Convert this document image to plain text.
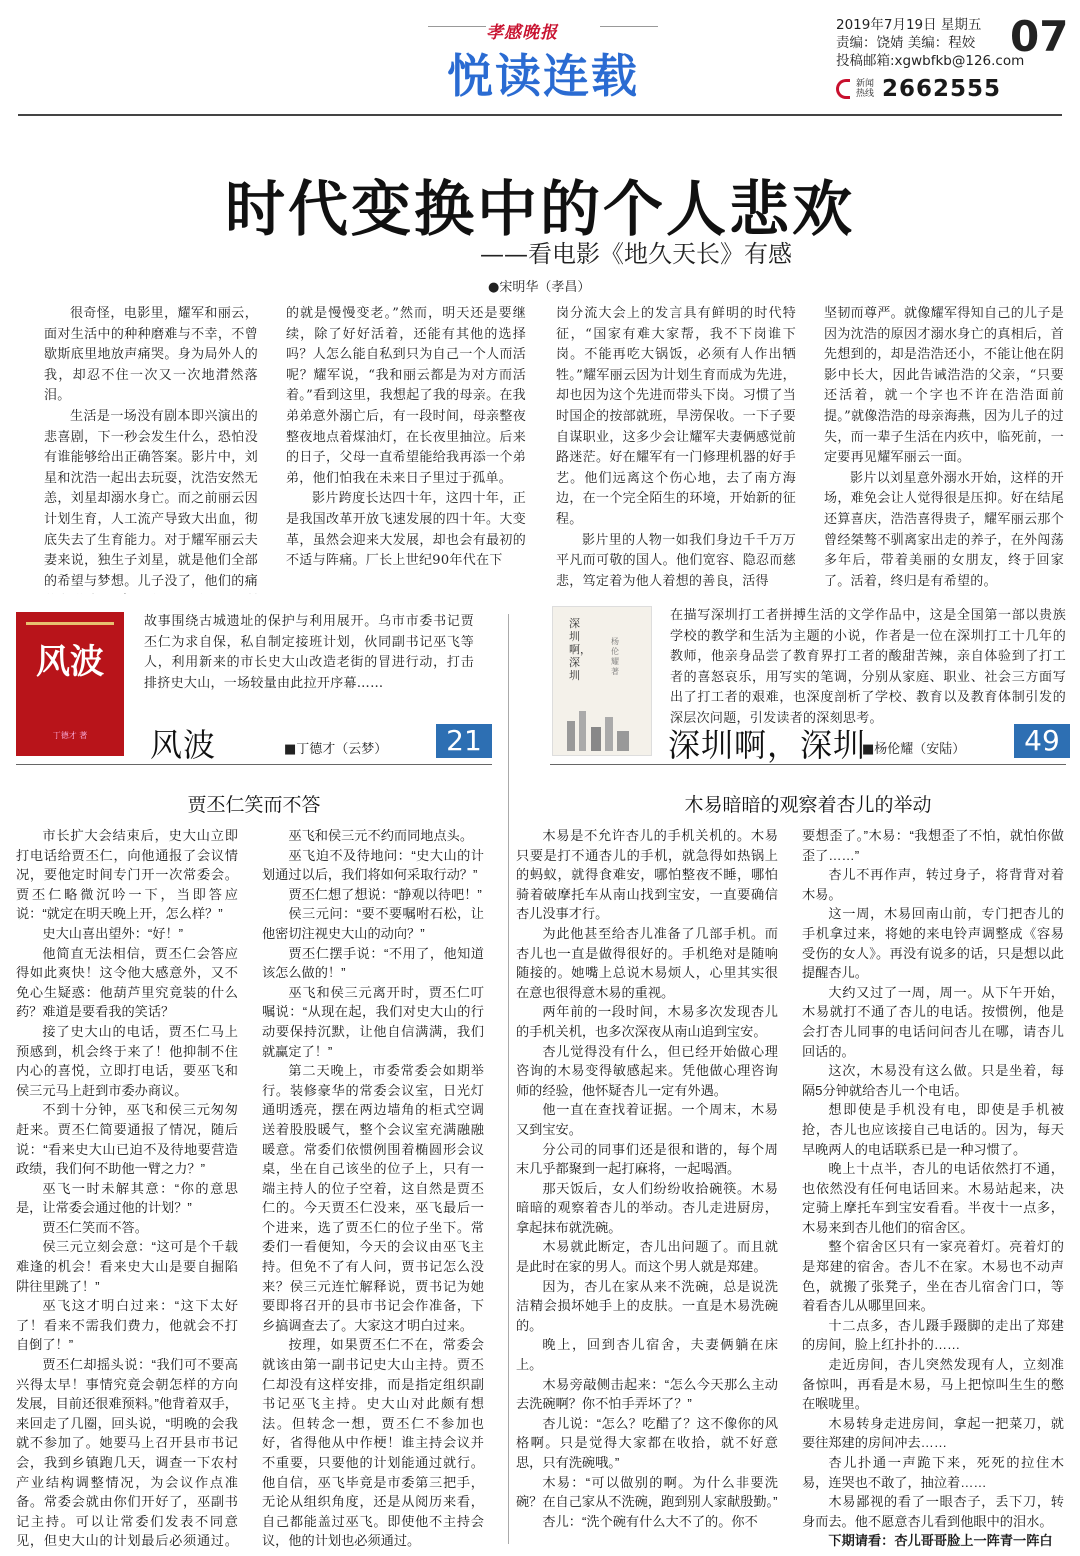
孝感晚报
悦读连载
2019年7月19日 星期五
责编：饶婧 美编：程姣
投稿邮箱:xgwbfkb@126.com
新闻热线 2662555
07
时代变换中的个人悲欢
——看电影《地久天长》有感
●宋明华（孝昌）

很奇怪，电影里，耀军和丽云，面对生活中的种种磨难与不幸，不曾歇斯底里地放声痛哭。身为局外人的我，却忍不住一次又一次地潸然落泪。

生活是一场没有剧本即兴演出的悲喜剧，下一秒会发生什么，恐怕没有谁能够给出正确答案。影片中，刘星和沈浩一起出去玩耍，沈浩安然无恙，刘星却溺水身亡。而之前丽云因计划生育，人工流产导致大出血，彻底失去了生育能力。对于耀军丽云夫妻来说，独生子刘星，就是他们全部的希望与梦想。儿子没了，他们的痛

的就是慢慢变老。”然而，明天还是要继续，除了好好活着，还能有其他的选择吗？人怎么能自私到只为自己一个人而活呢？耀军说，“我和丽云都是为对方而活着。”看到这里，我想起了我的母亲。在我弟弟意外溺亡后，有一段时间，母亲整夜整夜地点着煤油灯，在长夜里抽泣。后来的日子，父母一直希望能给我再添一个弟弟，他们怕我在未来日子里过于孤单。

影片跨度长达四十年，这四十年，正是我国改革开放飞速发展的四十年。大变革，虽然会迎来大发展，却也会有最初的不适与阵痛。厂长上世纪90年代在下

岗分流大会上的发言具有鲜明的时代特征，“国家有难大家帮，我不下岗谁下岗。不能再吃大锅饭，必须有人作出牺牲。”耀军丽云因为计划生育而成为先进，却也因为这个先进而带头下岗。习惯了当时国企的按部就班，旱涝保收。一下子要自谋职业，这多少会让耀军夫妻俩感觉前路迷茫。好在耀军有一门修理机器的好手艺。他们远离这个伤心地，去了南方海边，在一个完全陌生的环境，开始新的征程。

影片里的人物一如我们身边千千万万平凡而可敬的国人。他们宽容、隐忍而慈悲，笃定着为他人着想的善良，活得

坚韧而尊严。就像耀军得知自己的儿子是因为沈浩的原因才溺水身亡的真相后，首先想到的，却是浩浩还小，不能让他在阴影中长大，因此告诫浩浩的父亲，“只要还活着，就一个字也不许在浩浩面前提。”就像浩浩的母亲海燕，因为儿子的过失，而一辈子生活在内疚中，临死前，一定要再见耀军丽云一面。

影片以刘星意外溺水开始，这样的开场，难免会让人觉得很是压抑。好在结尾还算喜庆，浩浩喜得贵子，耀军丽云那个曾经桀骜不驯离家出走的养子，在外闯荡多年后，带着美丽的女朋友，终于回家了。活着，终归是有希望的。

风波
丁德才 著
故事围绕古城遗址的保护与利用展开。乌市市委书记贾丕仁为求自保，私自制定接班计划，伙同副书记巫飞等人，利用新来的市长史大山改造老街的冒进行动，打击排挤史大山，一场较量由此拉开序幕……
风波	■丁德才（云梦）	21
深圳啊，深圳
杨伦耀 著
在描写深圳打工者拼搏生活的文学作品中，这是全国第一部以贵族学校的教学和生活为主题的小说，作者是一位在深圳打工十几年的教师，他亲身品尝了教育界打工者的酸甜苦辣，亲自体验到了打工者的喜怒哀乐，用写实的笔调，分别从家庭、职业、社会三方面写出了打工者的艰难，也深度剖析了学校、教育以及教育体制引发的深层次问题，引发读者的深刻思考。
深圳啊，深圳
■杨伦耀（安陆）	49
贾丕仁笑而不答

市长扩大会结束后，史大山立即打电话给贾丕仁，向他通报了会议情况，要他定时间专门开一次常委会。贾丕仁略微沉吟一下，当即答应说：“就定在明天晚上开，怎么样？”

史大山喜出望外：“好！”

他简直无法相信，贾丕仁会答应得如此爽快！这令他大感意外，又不免心生疑惑：他葫芦里究竟装的什么药？难道是要看我的笑话？

接了史大山的电话，贾丕仁马上预感到，机会终于来了！他抑制不住内心的喜悦，立即打电话，要巫飞和侯三元马上赶到市委办商议。

不到十分钟，巫飞和侯三元匆匆赶来。贾丕仁简要通报了情况，随后说：“看来史大山已迫不及待地要营造政绩，我们何不助他一臂之力？”

巫飞一时未解其意：“你的意思是，让常委会通过他的计划？”

贾丕仁笑而不答。

侯三元立刻会意：“这可是个千载难逢的机会！看来史大山是要自掘陷阱往里跳了！”

巫飞这才明白过来：“这下太好了！看来不需我们费力，他就会不打自倒了！”

贾丕仁却摇头说：“我们可不要高兴得太早！事情究竟会朝怎样的方向发展，目前还很难预料。”他背着双手，来回走了几圈，回头说，“明晚的会我就不参加了。她要马上召开县市书记会，我到乡镇跑几天，调查一下农村产业结构调整情况，为会议作点准备。常委会就由你们开好了，巫副书记主持。可以让常委们发表不同意见，但史大山的计划最后必须通过。

巫飞和侯三元不约而同地点头。

巫飞迫不及待地问：“史大山的计划通过以后，我们将如何采取行动？”

贾丕仁想了想说：“静观以待吧！”

侯三元问：“要不要嘱咐石松，让他密切注视史大山的动向？”

贾丕仁摆手说：“不用了，他知道该怎么做的！”

巫飞和侯三元离开时，贾丕仁叮嘱说：“从现在起，我们对史大山的行动要保持沉默，让他自信满满，我们就赢定了！”

第二天晚上，市委常委会如期举行。装修豪华的常委会议室，日光灯通明透亮，摆在两边墙角的柜式空调送着股股暖气，整个会议室充满融融暖意。常委们依惯例围着椭圆形会议桌，坐在自己该坐的位子上，只有一端主持人的位子空着，这自然是贾丕仁的。今天贾丕仁没来，巫飞最后一个进来，选了贾丕仁的位子坐下。常委们一看便知，今天的会议由巫飞主持。但免不了有人问，贾书记怎么没来？侯三元连忙解释说，贾书记为她要即将召开的县市书记会作准备，下乡搞调查去了。大家这才明白过来。

按理，如果贾丕仁不在，常委会就该由第一副书记史大山主持。贾丕仁却没有这样安排，而是指定组织副书记巫飞主持。史大山对此颇有想法。但转念一想，贾丕仁不参加也好，省得他从中作梗！谁主持会议并不重要，只要他的计划能通过就行。他自信，巫飞毕竟是市委第三把手，无论从组织角度，还是从阅历来看，自己都能盖过巫飞。即使他不主持会议，他的计划也必须通过。

木易暗暗的观察着杏儿的举动

木易是不允许杏儿的手机关机的。木易只要是打不通杏儿的手机，就急得如热锅上的蚂蚁，就得食难安，哪怕整夜不睡，哪怕骑着破摩托车从南山找到宝安，一直要确信杏儿没事才行。

为此他甚至给杏儿准备了几部手机。而杏儿也一直是做得很好的。手机绝对是随响随接的。她嘴上总说木易烦人，心里其实很在意也很得意木易的重视。

两年前的一段时间，木易多次发现杏儿的手机关机，也多次深夜从南山追到宝安。

杏儿觉得没有什么，但已经开始做心理咨询的木易变得敏感起来。凭他做心理咨询师的经验，他怀疑杏儿一定有外遇。

他一直在查找着证据。一个周末，木易又到宝安。

分公司的同事们还是很和谐的，每个周末几乎都聚到一起打麻将，一起喝酒。

那天饭后，女人们纷纷收拾碗筷。木易暗暗的观察着杏儿的举动。杏儿走进厨房，拿起抹布就洗碗。

木易就此断定，杏儿出问题了。而且就是此时在家的男人。而这个男人就是郑建。

因为，杏儿在家从来不洗碗，总是说洗洁精会损坏她手上的皮肤。一直是木易洗碗的。

晚上，回到杏儿宿舍，夫妻俩躺在床上。

木易旁敲侧击起来：“怎么今天那么主动去洗碗啊？你不怕手弄坏了？”

杏儿说：“怎么？吃醋了？这不像你的风格啊。只是觉得大家都在收拾，就不好意思，只有洗碗哦。”

木易：“可以做别的啊。为什么非要洗碗？在自己家从不洗碗，跑到别人家献殷勤。”

杏儿：“洗个碗有什么大不了的。你不

要想歪了。”木易：“我想歪了不怕，就怕你做歪了……”

杏儿不再作声，转过身子，将背背对着木易。

这一周，木易回南山前，专门把杏儿的手机拿过来，将她的来电铃声调整成《容易受伤的女人》。再没有说多的话，只是想以此提醒杏儿。

大约又过了一周，周一。从下午开始，木易就打不通了杏儿的电话。按惯例，他是会打杏儿同事的电话问问杏儿在哪，请杏儿回话的。

这次，木易没有这么做。只是坐着，每隔5分钟就给杏儿一个电话。

想即使是手机没有电，即使是手机被抢，杏儿也应该接自己电话的。因为，每天早晚两人的电话联系已是一种习惯了。

晚上十点半，杏儿的电话依然打不通，也依然没有任何电话回来。木易站起来，决定骑上摩托车到宝安看看。半夜十一点多，木易来到杏儿他们的宿舍区。

整个宿舍区只有一家亮着灯。亮着灯的是郑建的宿舍。杏儿不在家。木易也不动声色，就搬了张凳子，坐在杏儿宿舍门口，等着看杏儿从哪里回来。

十二点多，杏儿蹑手蹑脚的走出了郑建的房间，脸上红扑扑的……

走近房间，杏儿突然发现有人，立刻准备惊叫，再看是木易，马上把惊叫生生的憋在喉咙里。

木易转身走进房间，拿起一把菜刀，就要往郑建的房间冲去……

杏儿扑通一声跪下来，死死的拉住木易，连哭也不敢了，抽泣着……

木易鄙视的看了一眼杏子，丢下刀，转身而去。他不愿意杏儿看到他眼中的泪水。

下期请看：杏儿哥哥脸上一阵青一阵白
